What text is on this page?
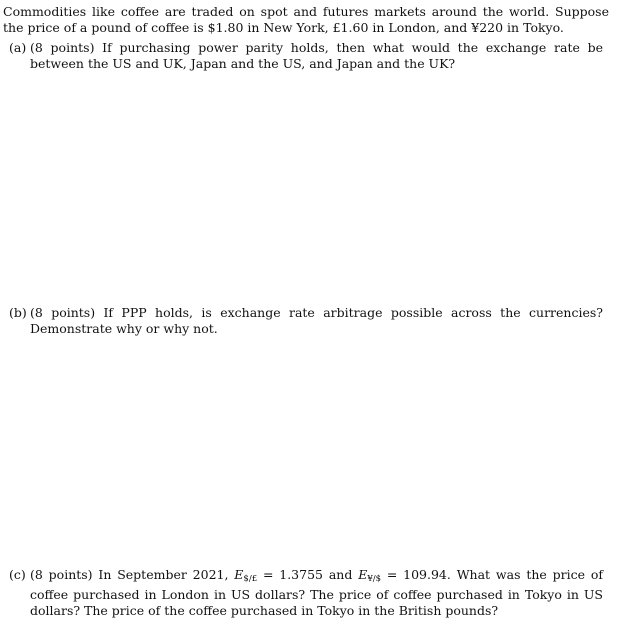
Commodities like coffee are traded on spot and futures markets around the world. Suppose the price of a pound of coffee is $1.80 in New York, £1.60 in London, and ¥220 in Tokyo.

(a) (8 points) If purchasing power parity holds, then what would the exchange rate be between the US and UK, Japan and the US, and Japan and the UK?
(b) (8 points) If PPP holds, is exchange rate arbitrage possible across the currencies? Demonstrate why or why not.
(c) (8 points) In September 2021, E$/£ = 1.3755 and E¥/$ = 109.94. What was the price of coffee purchased in London in US dollars? The price of coffee purchased in Tokyo in US dollars? The price of the coffee purchased in Tokyo in the British pounds?
